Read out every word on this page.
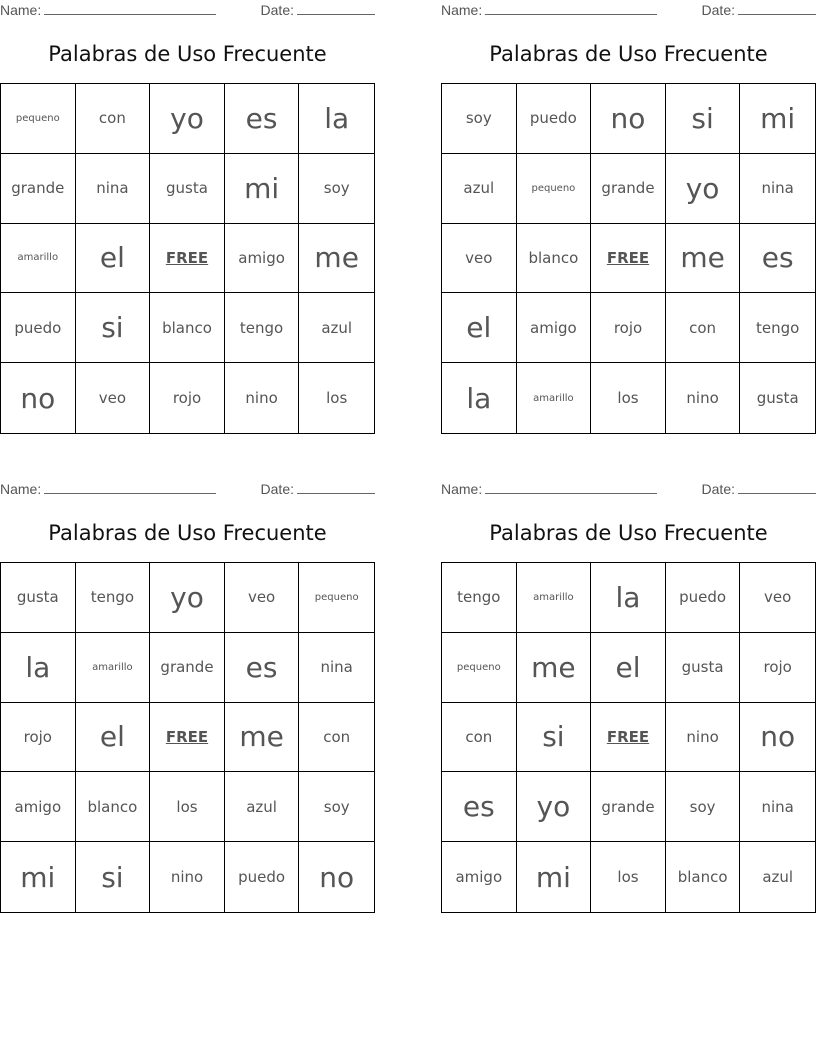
Name:	Date:
Palabras de Uso Frecuente
pequeno	con	yo	es	la
grande	nina	gusta	mi	soy
amarillo	el	FREE	amigo	me
puedo	si	blanco	tengo	azul
no	veo	rojo	nino	los
Name:	Date:
Palabras de Uso Frecuente
soy	puedo	no	si	mi
azul	pequeno	grande	yo	nina
veo	blanco	FREE	me	es
el	amigo	rojo	con	tengo
la	amarillo	los	nino	gusta
Name:	Date:
Palabras de Uso Frecuente
gusta	tengo	yo	veo	pequeno
la	amarillo	grande	es	nina
rojo	el	FREE	me	con
amigo	blanco	los	azul	soy
mi	si	nino	puedo	no
Name:	Date:
Palabras de Uso Frecuente
tengo	amarillo	la	puedo	veo
pequeno	me	el	gusta	rojo
con	si	FREE	nino	no
es	yo	grande	soy	nina
amigo	mi	los	blanco	azul
